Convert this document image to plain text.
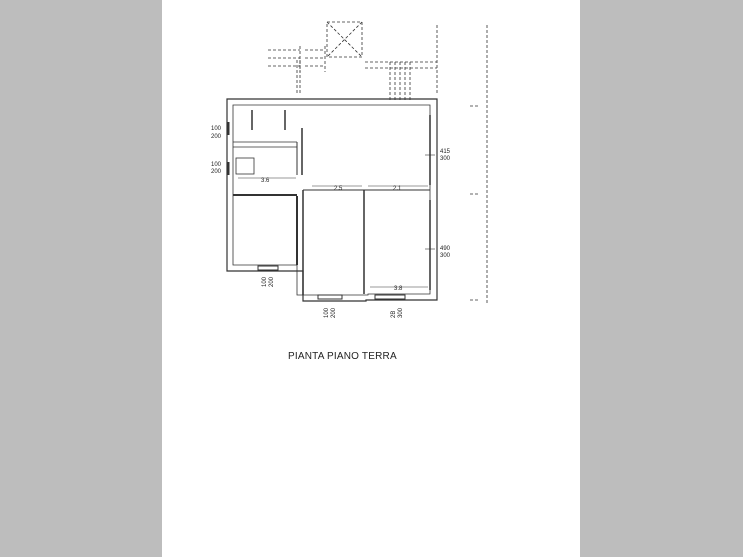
100
200
100
200
415
300
490
300
100 200
100 200	2B 300
3.6
2.5	2.1
3.8
PIANTA PIANO TERRA
